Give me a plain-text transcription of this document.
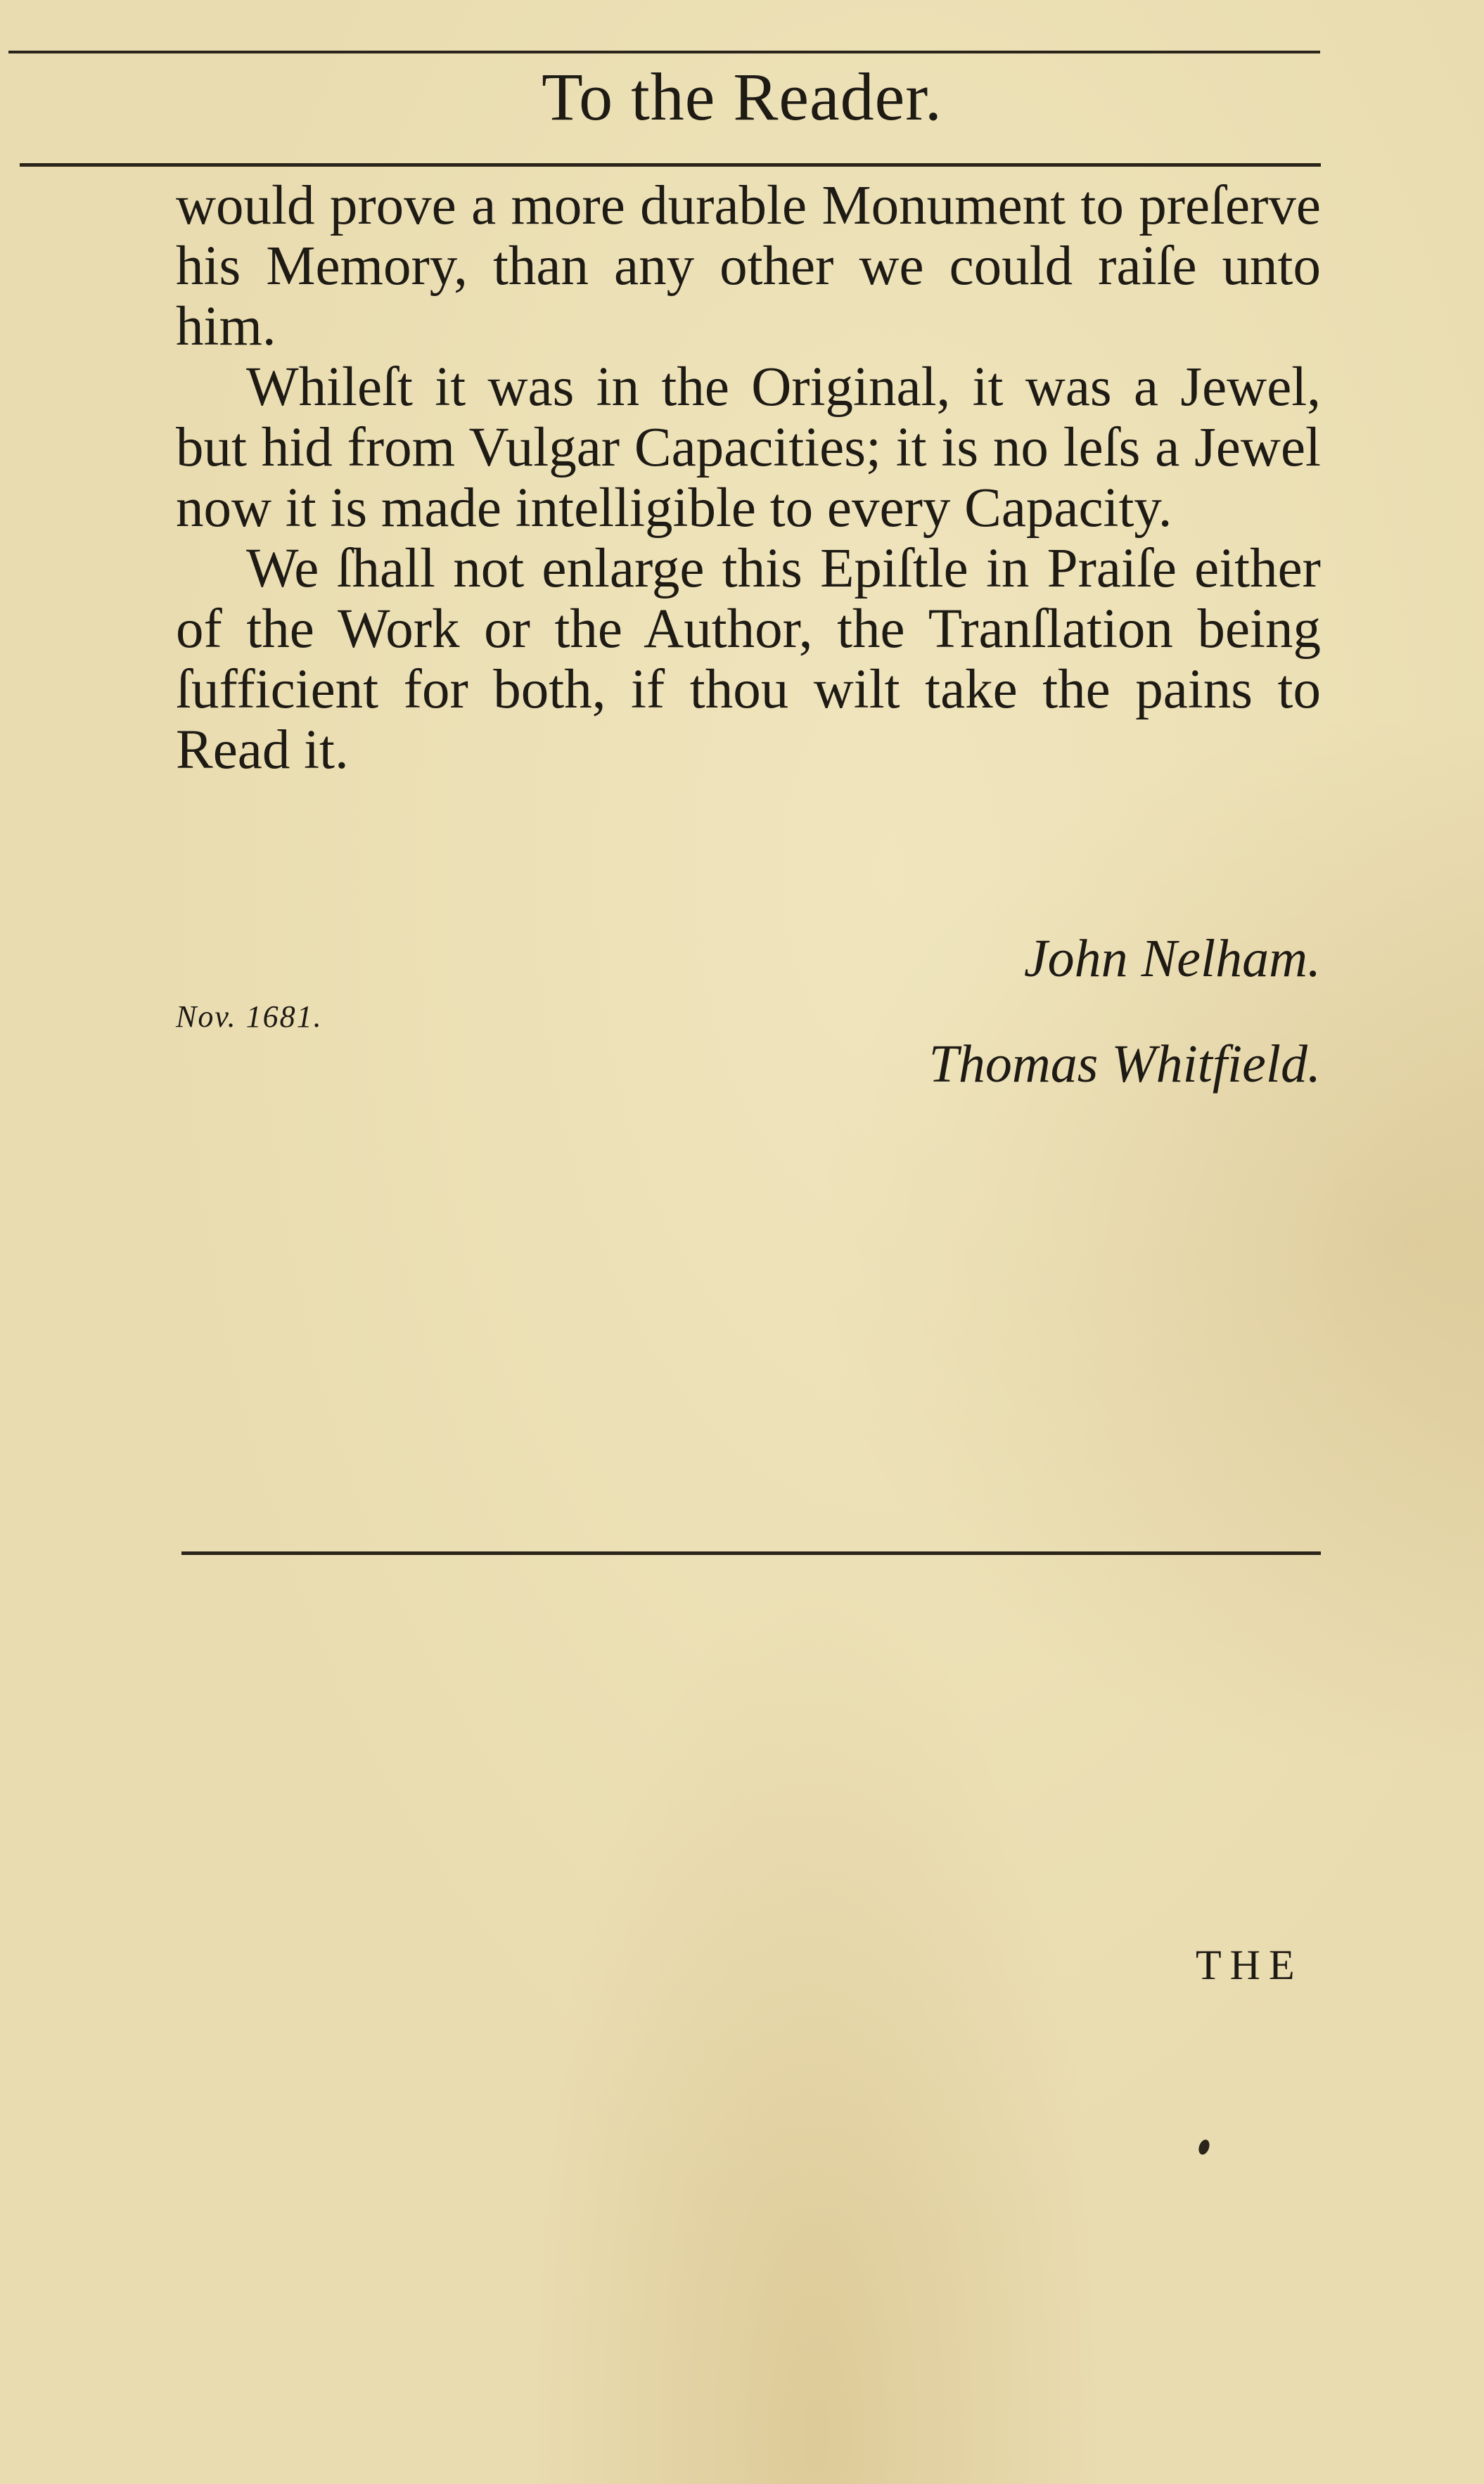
To the Reader.

would prove a more durable Monument to preſerve his Memory, than any other we could raiſe unto him.

Whileſt it was in the Original, it was a Jewel, but hid from Vulgar Capacities; it is no leſs a Jewel now it is made intelligible to every Capacity.

We ſhall not enlarge this Epiſtle in Praiſe either of the Work or the Author, the Tranſlation being ſufficient for both, if thou wilt take the pains to Read it.

John Nelham.
Nov. 1681.
Thomas Whitfield.
THE
